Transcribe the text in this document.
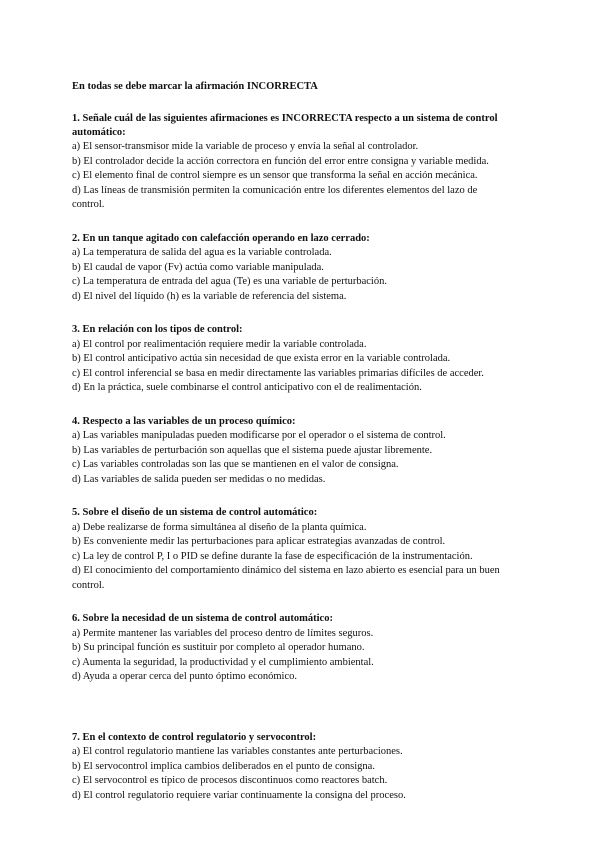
En todas se debe marcar la afirmación INCORRECTA

1. Señale cuál de las siguientes afirmaciones es INCORRECTA respecto a un sistema de control automático:

a) El sensor-transmisor mide la variable de proceso y envía la señal al controlador.

b) El controlador decide la acción correctora en función del error entre consigna y variable medida.

c) El elemento final de control siempre es un sensor que transforma la señal en acción mecánica.

d) Las líneas de transmisión permiten la comunicación entre los diferentes elementos del lazo de control.

2. En un tanque agitado con calefacción operando en lazo cerrado:

a) La temperatura de salida del agua es la variable controlada.

b) El caudal de vapor (Fv) actúa como variable manipulada.

c) La temperatura de entrada del agua (Te) es una variable de perturbación.

d) El nivel del líquido (h) es la variable de referencia del sistema.

3. En relación con los tipos de control:

a) El control por realimentación requiere medir la variable controlada.

b) El control anticipativo actúa sin necesidad de que exista error en la variable controlada.

c) El control inferencial se basa en medir directamente las variables primarias difíciles de acceder.

d) En la práctica, suele combinarse el control anticipativo con el de realimentación.

4. Respecto a las variables de un proceso químico:

a) Las variables manipuladas pueden modificarse por el operador o el sistema de control.

b) Las variables de perturbación son aquellas que el sistema puede ajustar libremente.

c) Las variables controladas son las que se mantienen en el valor de consigna.

d) Las variables de salida pueden ser medidas o no medidas.

5. Sobre el diseño de un sistema de control automático:

a) Debe realizarse de forma simultánea al diseño de la planta química.

b) Es conveniente medir las perturbaciones para aplicar estrategias avanzadas de control.

c) La ley de control P, I o PID se define durante la fase de especificación de la instrumentación.

d) El conocimiento del comportamiento dinámico del sistema en lazo abierto es esencial para un buen control.

6. Sobre la necesidad de un sistema de control automático:

a) Permite mantener las variables del proceso dentro de límites seguros.

b) Su principal función es sustituir por completo al operador humano.

c) Aumenta la seguridad, la productividad y el cumplimiento ambiental.

d) Ayuda a operar cerca del punto óptimo económico.

7. En el contexto de control regulatorio y servocontrol:

a) El control regulatorio mantiene las variables constantes ante perturbaciones.

b) El servocontrol implica cambios deliberados en el punto de consigna.

c) El servocontrol es típico de procesos discontinuos como reactores batch.

d) El control regulatorio requiere variar continuamente la consigna del proceso.
